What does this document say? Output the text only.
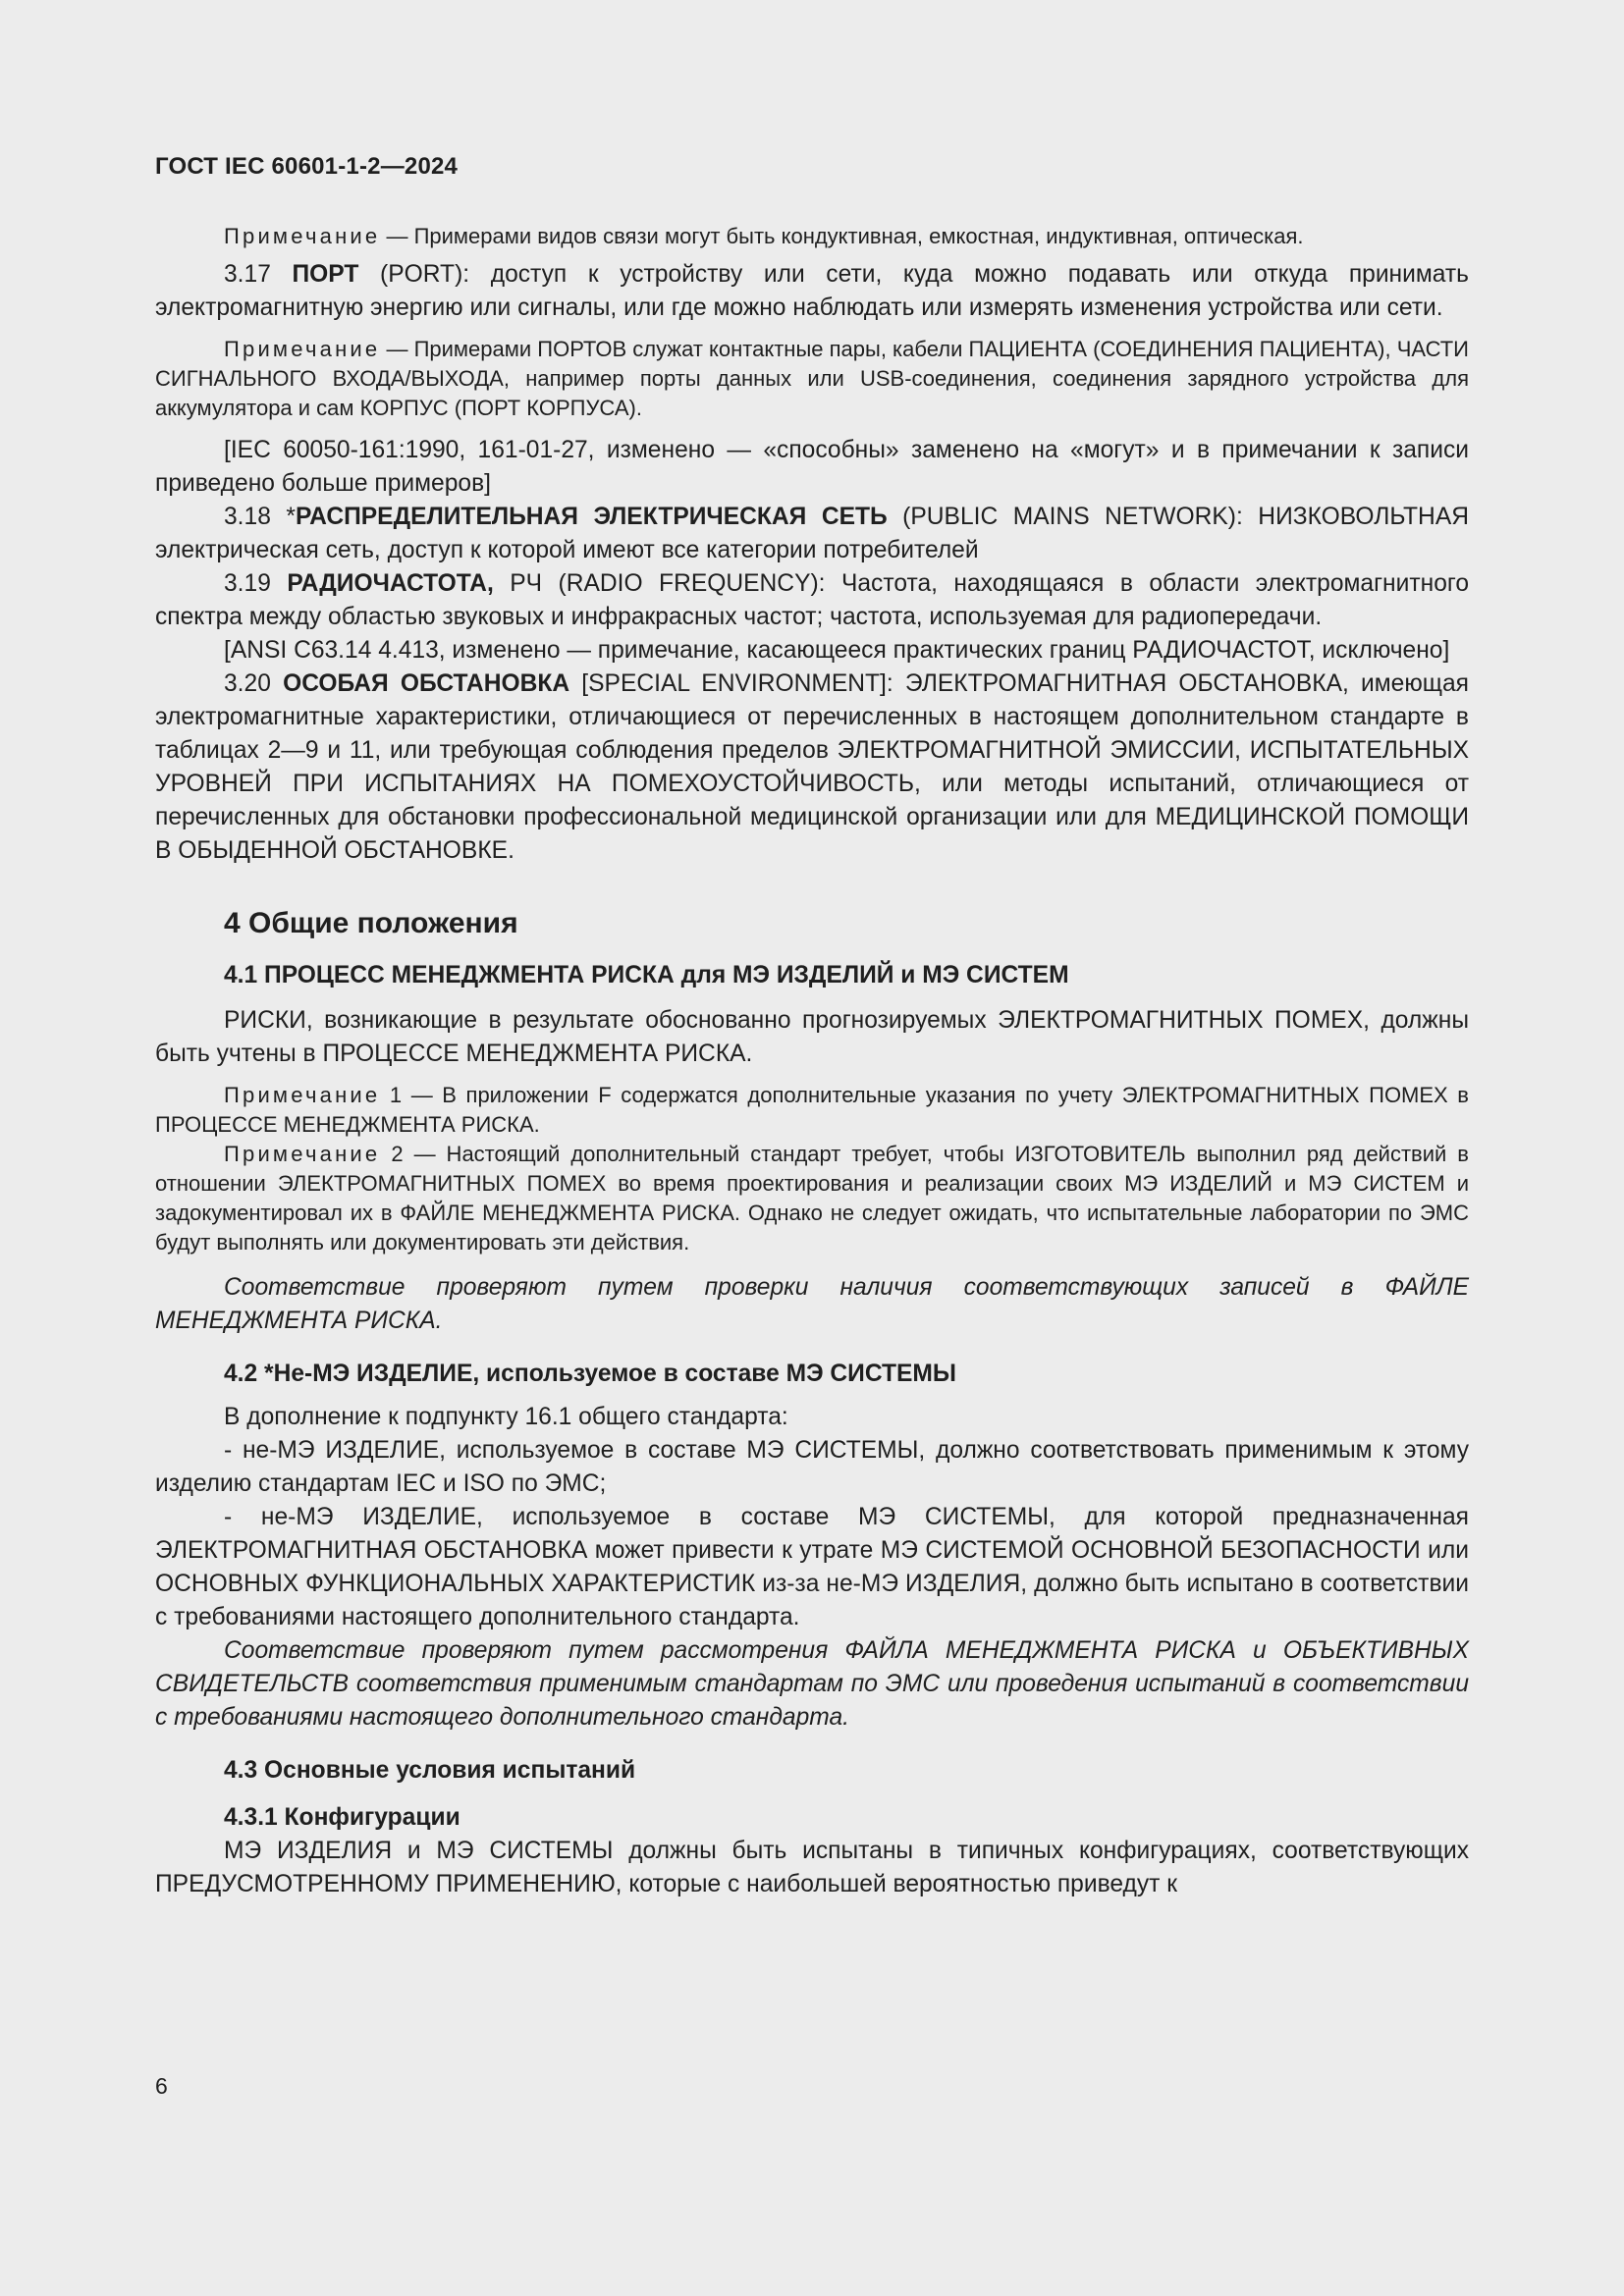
ГОСТ IEC 60601-1-2—2024

Примечание — Примерами видов связи могут быть кондуктивная, емкостная, индуктивная, оптическая.

3.17 ПОРТ (PORT): доступ к устройству или сети, куда можно подавать или откуда принимать электромагнитную энергию или сигналы, или где можно наблюдать или измерять изменения устройства или сети.

Примечание — Примерами ПОРТОВ служат контактные пары, кабели ПАЦИЕНТА (СОЕДИНЕНИЯ ПАЦИЕНТА), ЧАСТИ СИГНАЛЬНОГО ВХОДА/ВЫХОДА, например порты данных или USB-соединения, соединения зарядного устройства для аккумулятора и сам КОРПУС (ПОРТ КОРПУСА).

[IEC 60050-161:1990, 161-01-27, изменено — «способны» заменено на «могут» и в примечании к записи приведено больше примеров]

3.18 *РАСПРЕДЕЛИТЕЛЬНАЯ ЭЛЕКТРИЧЕСКАЯ СЕТЬ (PUBLIC MAINS NETWORK): НИЗКОВОЛЬТНАЯ электрическая сеть, доступ к которой имеют все категории потребителей

3.19 РАДИОЧАСТОТА, РЧ (RADIO FREQUENCY): Частота, находящаяся в области электромагнитного спектра между областью звуковых и инфракрасных частот; частота, используемая для радиопередачи.

[ANSI C63.14 4.413, изменено — примечание, касающееся практических границ РАДИОЧАСТОТ, исключено]

3.20 ОСОБАЯ ОБСТАНОВКА [SPECIAL ENVIRONMENT]: ЭЛЕКТРОМАГНИТНАЯ ОБСТАНОВКА, имеющая электромагнитные характеристики, отличающиеся от перечисленных в настоящем дополнительном стандарте в таблицах 2—9 и 11, или требующая соблюдения пределов ЭЛЕКТРОМАГНИТНОЙ ЭМИССИИ, ИСПЫТАТЕЛЬНЫХ УРОВНЕЙ ПРИ ИСПЫТАНИЯХ НА ПОМЕХОУСТОЙЧИВОСТЬ, или методы испытаний, отличающиеся от перечисленных для обстановки профессиональной медицинской организации или для МЕДИЦИНСКОЙ ПОМОЩИ В ОБЫДЕННОЙ ОБСТАНОВКЕ.

4 Общие положения

4.1 ПРОЦЕСС МЕНЕДЖМЕНТА РИСКА для МЭ ИЗДЕЛИЙ и МЭ СИСТЕМ

РИСКИ, возникающие в результате обоснованно прогнозируемых ЭЛЕКТРОМАГНИТНЫХ ПОМЕХ, должны быть учтены в ПРОЦЕССЕ МЕНЕДЖМЕНТА РИСКА.

Примечание 1 — В приложении F содержатся дополнительные указания по учету ЭЛЕКТРОМАГНИТНЫХ ПОМЕХ в ПРОЦЕССЕ МЕНЕДЖМЕНТА РИСКА.

Примечание 2 — Настоящий дополнительный стандарт требует, чтобы ИЗГОТОВИТЕЛЬ выполнил ряд действий в отношении ЭЛЕКТРОМАГНИТНЫХ ПОМЕХ во время проектирования и реализации своих МЭ ИЗДЕЛИЙ и МЭ СИСТЕМ и задокументировал их в ФАЙЛЕ МЕНЕДЖМЕНТА РИСКА. Однако не следует ожидать, что испытательные лаборатории по ЭМС будут выполнять или документировать эти действия.

Соответствие проверяют путем проверки наличия соответствующих записей в ФАЙЛЕ МЕНЕДЖМЕНТА РИСКА.

4.2 *Не-МЭ ИЗДЕЛИЕ, используемое в составе МЭ СИСТЕМЫ

В дополнение к подпункту 16.1 общего стандарта:

- не-МЭ ИЗДЕЛИЕ, используемое в составе МЭ СИСТЕМЫ, должно соответствовать применимым к этому изделию стандартам IEC и ISO по ЭМС;

- не-МЭ ИЗДЕЛИЕ, используемое в составе МЭ СИСТЕМЫ, для которой предназначенная ЭЛЕКТРОМАГНИТНАЯ ОБСТАНОВКА может привести к утрате МЭ СИСТЕМОЙ ОСНОВНОЙ БЕЗОПАСНОСТИ или ОСНОВНЫХ ФУНКЦИОНАЛЬНЫХ ХАРАКТЕРИСТИК из-за не-МЭ ИЗДЕЛИЯ, должно быть испытано в соответствии с требованиями настоящего дополнительного стандарта.

Соответствие проверяют путем рассмотрения ФАЙЛА МЕНЕДЖМЕНТА РИСКА и ОБЪЕКТИВНЫХ СВИДЕТЕЛЬСТВ соответствия применимым стандартам по ЭМС или проведения испытаний в соответствии с требованиями настоящего дополнительного стандарта.

4.3 Основные условия испытаний

4.3.1 Конфигурации

МЭ ИЗДЕЛИЯ и МЭ СИСТЕМЫ должны быть испытаны в типичных конфигурациях, соответствующих ПРЕДУСМОТРЕННОМУ ПРИМЕНЕНИЮ, которые с наибольшей вероятностью приведут к

6
